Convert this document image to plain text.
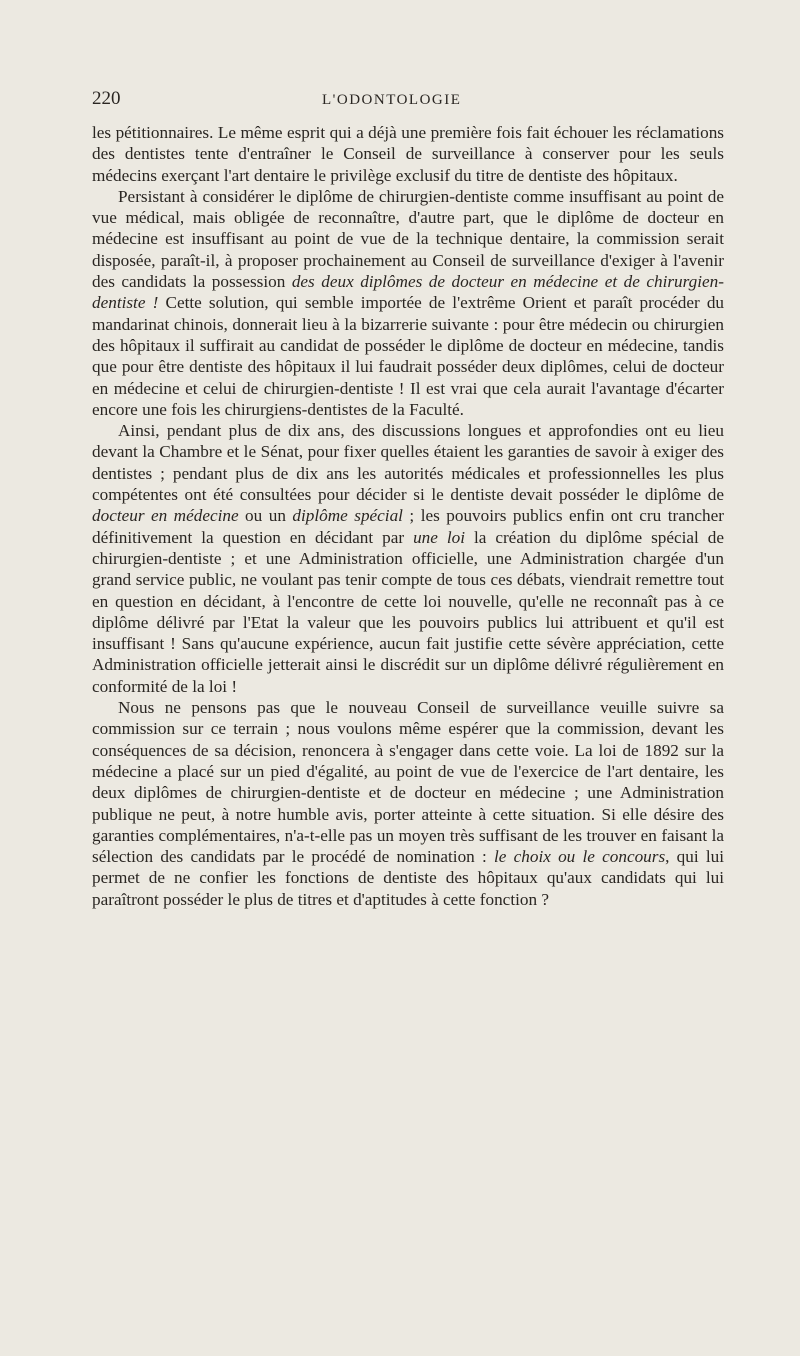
220	L'ODONTOLOGIE

les pétitionnaires. Le même esprit qui a déjà une première fois fait échouer les réclamations des dentistes tente d'entraîner le Conseil de surveillance à conserver pour les seuls médecins exerçant l'art dentaire le privilège exclusif du titre de dentiste des hôpitaux.

Persistant à considérer le diplôme de chirurgien-dentiste comme insuffisant au point de vue médical, mais obligée de reconnaître, d'autre part, que le diplôme de docteur en médecine est insuffisant au point de vue de la technique dentaire, la commission serait disposée, paraît-il, à proposer prochainement au Conseil de surveillance d'exiger à l'avenir des candidats la possession des deux diplômes de docteur en médecine et de chirurgien-dentiste ! Cette solution, qui semble importée de l'extrême Orient et paraît procéder du mandarinat chinois, donnerait lieu à la bizarrerie suivante : pour être médecin ou chirurgien des hôpitaux il suffirait au candidat de posséder le diplôme de docteur en médecine, tandis que pour être dentiste des hôpitaux il lui faudrait posséder deux diplômes, celui de docteur en médecine et celui de chirurgien-dentiste ! Il est vrai que cela aurait l'avantage d'écarter encore une fois les chirurgiens-dentistes de la Faculté.

Ainsi, pendant plus de dix ans, des discussions longues et approfondies ont eu lieu devant la Chambre et le Sénat, pour fixer quelles étaient les garanties de savoir à exiger des dentistes ; pendant plus de dix ans les autorités médicales et professionnelles les plus compétentes ont été consultées pour décider si le dentiste devait posséder le diplôme de docteur en médecine ou un diplôme spécial ; les pouvoirs publics enfin ont cru trancher définitivement la question en décidant par une loi la création du diplôme spécial de chirurgien-dentiste ; et une Administration officielle, une Administration chargée d'un grand service public, ne voulant pas tenir compte de tous ces débats, viendrait remettre tout en question en décidant, à l'encontre de cette loi nouvelle, qu'elle ne reconnaît pas à ce diplôme délivré par l'Etat la valeur que les pouvoirs publics lui attribuent et qu'il est insuffisant ! Sans qu'aucune expérience, aucun fait justifie cette sévère appréciation, cette Administration officielle jetterait ainsi le discrédit sur un diplôme délivré régulièrement en conformité de la loi !

Nous ne pensons pas que le nouveau Conseil de surveillance veuille suivre sa commission sur ce terrain ; nous voulons même espérer que la commission, devant les conséquences de sa décision, renoncera à s'engager dans cette voie. La loi de 1892 sur la médecine a placé sur un pied d'égalité, au point de vue de l'exercice de l'art dentaire, les deux diplômes de chirurgien-dentiste et de docteur en médecine ; une Administration publique ne peut, à notre humble avis, porter atteinte à cette situation. Si elle désire des garanties complémentaires, n'a-t-elle pas un moyen très suffisant de les trouver en faisant la sélection des candidats par le procédé de nomination : le choix ou le concours, qui lui permet de ne confier les fonctions de dentiste des hôpitaux qu'aux candidats qui lui paraîtront posséder le plus de titres et d'aptitudes à cette fonction ?
